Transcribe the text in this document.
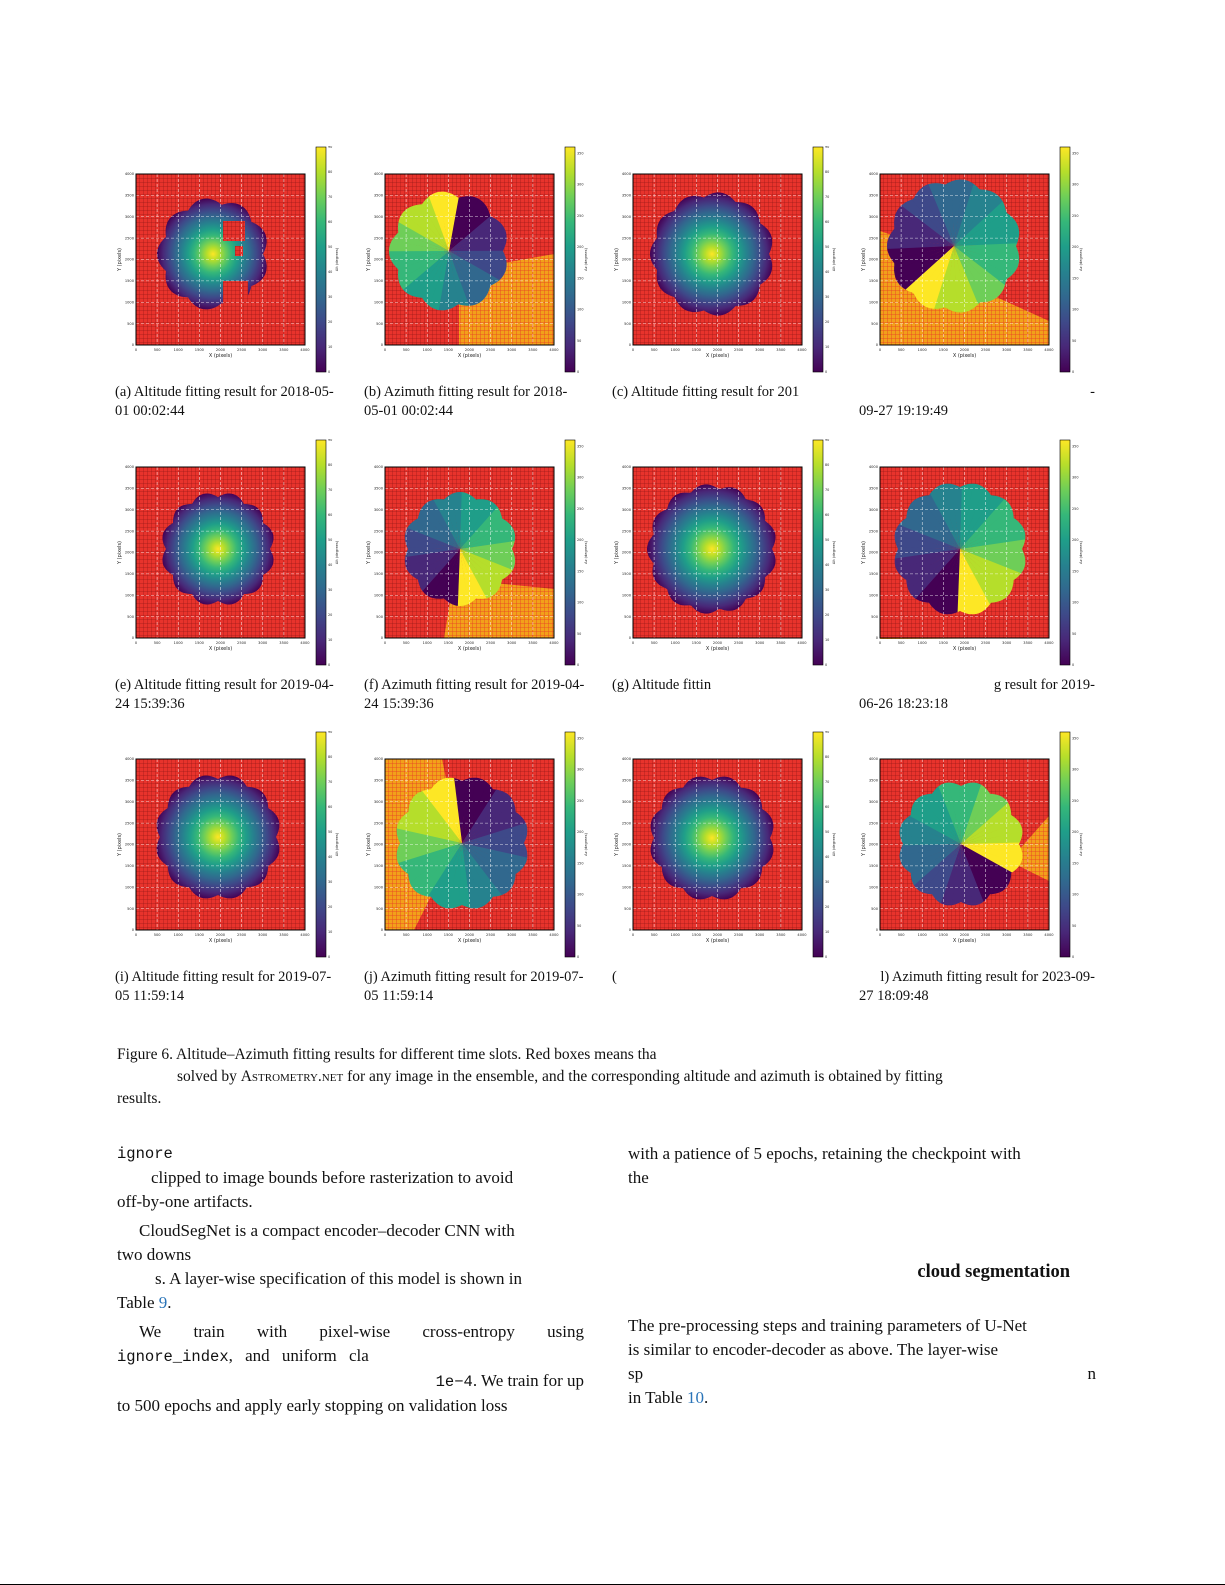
0	500	1000	1500	2000	2500	3000	3500	4000
0
500
1000
1500
2000
2500
3000
3500
4000
X (pixels)
Y (pixels)
0
10
20
30
40
50
60
70
80
90
Alt (degrees)
(a) Altitude fitting result for 2018-05-
01 00:02:44
0	500	1000	1500	2000	2500	3000	3500	4000
0
500
1000
1500
2000
2500
3000
3500
4000
X (pixels)
Y (pixels)
0
50
100
150
200
250
300
350
Az (degrees)
(b) Azimuth fitting result for 2018-
05-01 00:02:44
0	500	1000	1500	2000	2500	3000	3500	4000
0
500
1000
1500
2000
2500
3000
3500
4000
X (pixels)
Y (pixels)
0
10
20
30
40
50
60
70
80
90
Alt (degrees)
(c) Altitude fitting result for 201
0	500	1000	1500	2000	2500	3000	3500	4000
0
500
1000
1500
2000
2500
3000
3500
4000
X (pixels)
Y (pixels)
0
50
100
150
200
250
300
350
Az (degrees)
-
09-27 19:19:49
0	500	1000	1500	2000	2500	3000	3500	4000
0
500
1000
1500
2000
2500
3000
3500
4000
X (pixels)
Y (pixels)
0
10
20
30
40
50
60
70
80
90
Alt (degrees)
(e) Altitude fitting result for 2019-04-
24 15:39:36
0	500	1000	1500	2000	2500	3000	3500	4000
0
500
1000
1500
2000
2500
3000
3500
4000
X (pixels)
Y (pixels)
0
50
100
150
200
250
300
350
Az (degrees)
(f) Azimuth fitting result for 2019-04-
24 15:39:36
0	500	1000	1500	2000	2500	3000	3500	4000
0
500
1000
1500
2000
2500
3000
3500
4000
X (pixels)
Y (pixels)
0
10
20
30
40
50
60
70
80
90
Alt (degrees)
(g) Altitude fittin
0	500	1000	1500	2000	2500	3000	3500	4000
0
500
1000
1500
2000
2500
3000
3500
4000
X (pixels)
Y (pixels)
0
50
100
150
200
250
300
350
Az (degrees)
g result for 2019-
06-26 18:23:18
0	500	1000	1500	2000	2500	3000	3500	4000
0
500
1000
1500
2000
2500
3000
3500
4000
X (pixels)
Y (pixels)
0
10
20
30
40
50
60
70
80
90
Alt (degrees)
(i) Altitude fitting result for 2019-07-
05 11:59:14
0	500	1000	1500	2000	2500	3000	3500	4000
0
500
1000
1500
2000
2500
3000
3500
4000
X (pixels)
Y (pixels)
0
50
100
150
200
250
300
350
Az (degrees)
(j) Azimuth fitting result for 2019-07-
05 11:59:14
0	500	1000	1500	2000	2500	3000	3500	4000
0
500
1000
1500
2000
2500
3000
3500
4000
X (pixels)
Y (pixels)
0
10
20
30
40
50
60
70
80
90
Alt (degrees)
(
0	500	1000	1500	2000	2500	3000	3500	4000
0
500
1000
1500
2000
2500
3000
3500
4000
X (pixels)
Y (pixels)
0
50
100
150
200
250
300
350
Az (degrees)
l) Azimuth fitting result for 2023-09-
27 18:09:48
Figure 6. Altitude–Azimuth fitting results for different time slots. Red boxes means tha
solved by Astrometry.net for any image in the ensemble, and the corresponding altitude and azimuth is obtained by fitting
results.
ignore
clipped to image bounds before rasterization to avoid
off-by-one artifacts.
CloudSegNet is a compact encoder–decoder CNN with
two downs
s. A layer-wise specification of this model is shown in
Table 9.
We train with pixel-wise cross-entropy using
ignore_index, and uniform cla
1e−4. We train for up
to 500 epochs and apply early stopping on validation loss
with a patience of 5 epochs, retaining the checkpoint with
the
cloud segmentation
The pre-processing steps and training parameters of U-Net
is similar to encoder-decoder as above. The layer-wise
sp	n
in Table 10.
